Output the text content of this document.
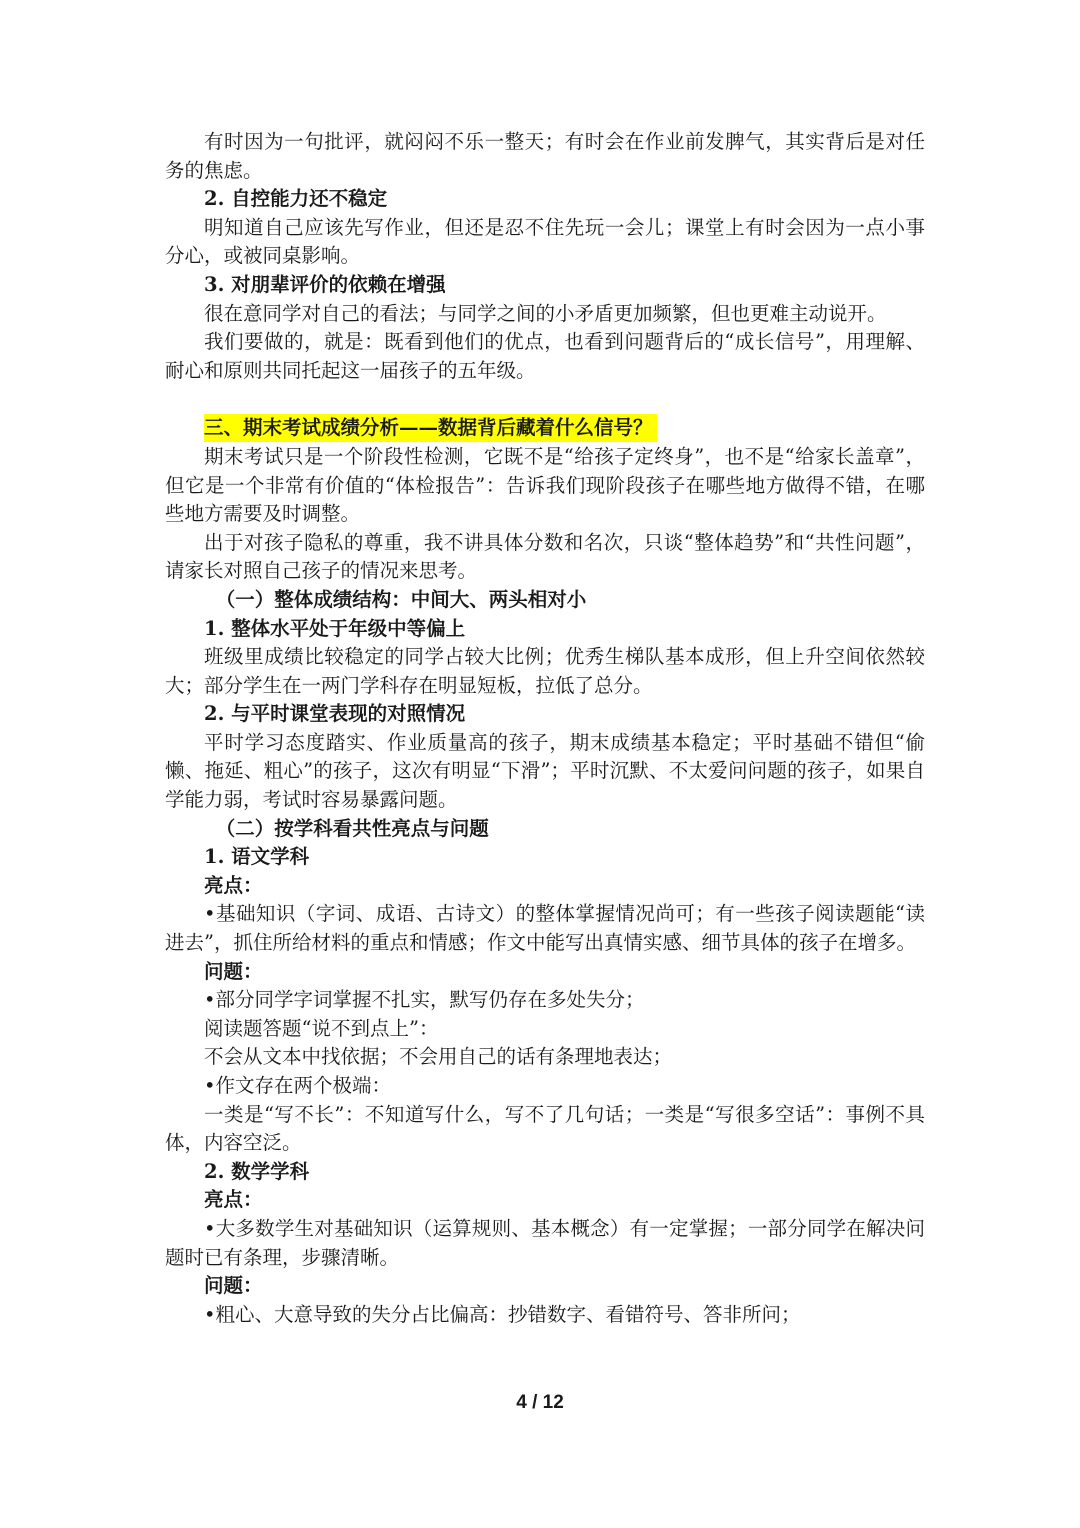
有时因为一句批评，就闷闷不乐一整天；有时会在作业前发脾气，其实背后是对任务的焦虑。

2. 自控能力还不稳定

明知道自己应该先写作业，但还是忍不住先玩一会儿；课堂上有时会因为一点小事分心，或被同桌影响。

3. 对朋辈评价的依赖在增强

很在意同学对自己的看法；与同学之间的小矛盾更加频繁，但也更难主动说开。

我们要做的，就是：既看到他们的优点，也看到问题背后的“成长信号”，用理解、耐心和原则共同托起这一届孩子的五年级。

三、期末考试成绩分析——数据背后藏着什么信号？

期末考试只是一个阶段性检测，它既不是“给孩子定终身”，也不是“给家长盖章”，但它是一个非常有价值的“体检报告”：告诉我们现阶段孩子在哪些地方做得不错，在哪些地方需要及时调整。

出于对孩子隐私的尊重，我不讲具体分数和名次，只谈“整体趋势”和“共性问题”，请家长对照自己孩子的情况来思考。

（一）整体成绩结构：中间大、两头相对小

1. 整体水平处于年级中等偏上

班级里成绩比较稳定的同学占较大比例；优秀生梯队基本成形，但上升空间依然较大；部分学生在一两门学科存在明显短板，拉低了总分。

2. 与平时课堂表现的对照情况

平时学习态度踏实、作业质量高的孩子，期末成绩基本稳定；平时基础不错但“偷懒、拖延、粗心”的孩子，这次有明显“下滑”；平时沉默、不太爱问问题的孩子，如果自学能力弱，考试时容易暴露问题。

（二）按学科看共性亮点与问题

1. 语文学科

亮点：

•基础知识（字词、成语、古诗文）的整体掌握情况尚可；有一些孩子阅读题能“读进去”，抓住所给材料的重点和情感；作文中能写出真情实感、细节具体的孩子在增多。

问题：

•部分同学字词掌握不扎实，默写仍存在多处失分；

阅读题答题“说不到点上”：

不会从文本中找依据；不会用自己的话有条理地表达；

•作文存在两个极端：

一类是“写不长”：不知道写什么，写不了几句话；一类是“写很多空话”：事例不具体，内容空泛。

2. 数学学科

亮点：

•大多数学生对基础知识（运算规则、基本概念）有一定掌握；一部分同学在解决问题时已有条理，步骤清晰。

问题：

•粗心、大意导致的失分占比偏高：抄错数字、看错符号、答非所问；

4 / 12
